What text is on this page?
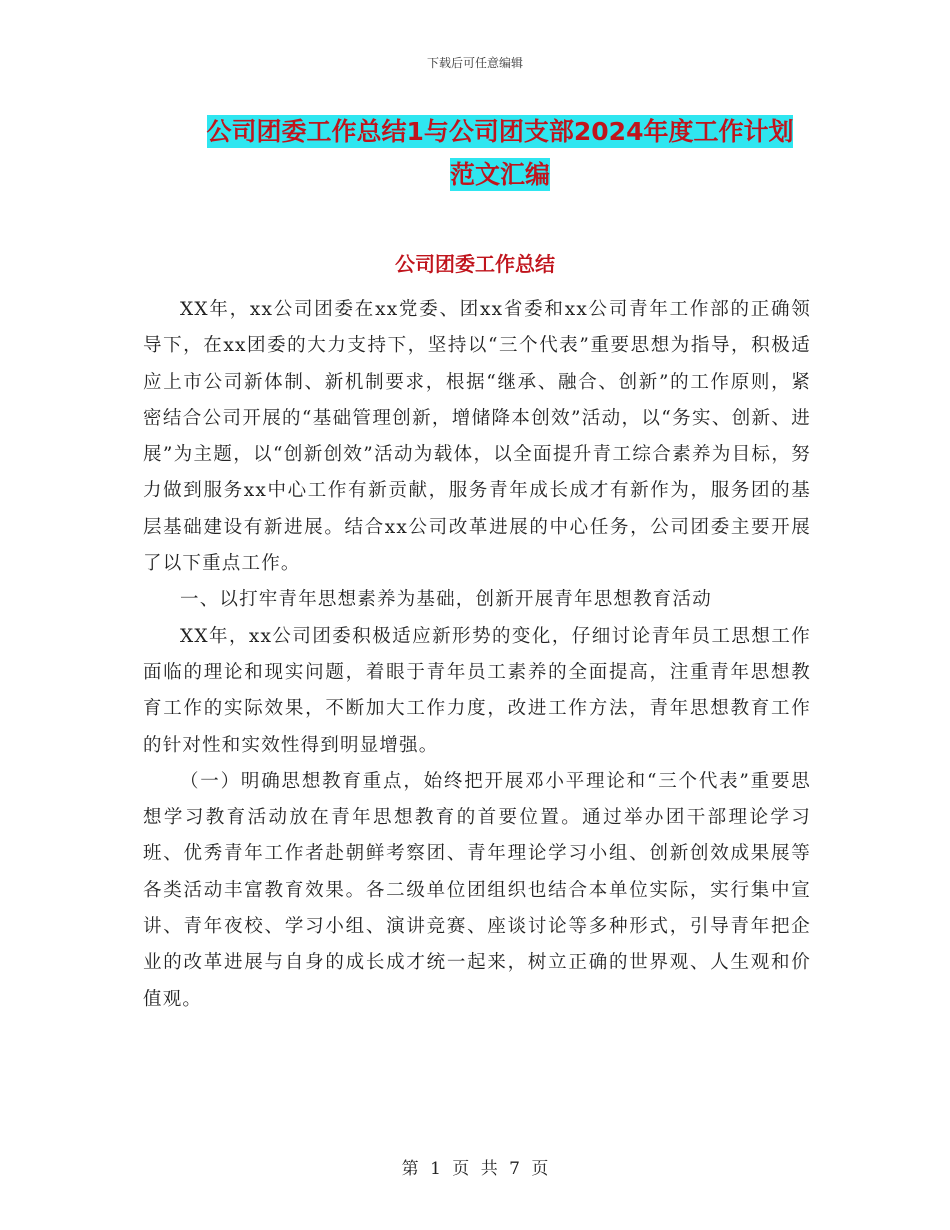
下载后可任意编辑
公司团委工作总结1与公司团支部2024年度工作计划
范文汇编
公司团委工作总结

XX年，xx公司团委在xx党委、团xx省委和xx公司青年工作部的正确领导下，在xx团委的大力支持下，坚持以“三个代表”重要思想为指导，积极适应上市公司新体制、新机制要求，根据“继承、融合、创新”的工作原则，紧密结合公司开展的“基础管理创新，增储降本创效”活动，以“务实、创新、进展”为主题，以“创新创效”活动为载体，以全面提升青工综合素养为目标，努力做到服务xx中心工作有新贡献，服务青年成长成才有新作为，服务团的基层基础建设有新进展。结合xx公司改革进展的中心任务，公司团委主要开展了以下重点工作。

一、以打牢青年思想素养为基础，创新开展青年思想教育活动

XX年，xx公司团委积极适应新形势的变化，仔细讨论青年员工思想工作面临的理论和现实问题，着眼于青年员工素养的全面提高，注重青年思想教育工作的实际效果，不断加大工作力度，改进工作方法，青年思想教育工作的针对性和实效性得到明显增强。

（一）明确思想教育重点，始终把开展邓小平理论和“三个代表”重要思想学习教育活动放在青年思想教育的首要位置。通过举办团干部理论学习班、优秀青年工作者赴朝鲜考察团、青年理论学习小组、创新创效成果展等各类活动丰富教育效果。各二级单位团组织也结合本单位实际，实行集中宣讲、青年夜校、学习小组、演讲竞赛、座谈讨论等多种形式，引导青年把企业的改革进展与自身的成长成才统一起来，树立正确的世界观、人生观和价值观。

第 1 页 共 7 页
